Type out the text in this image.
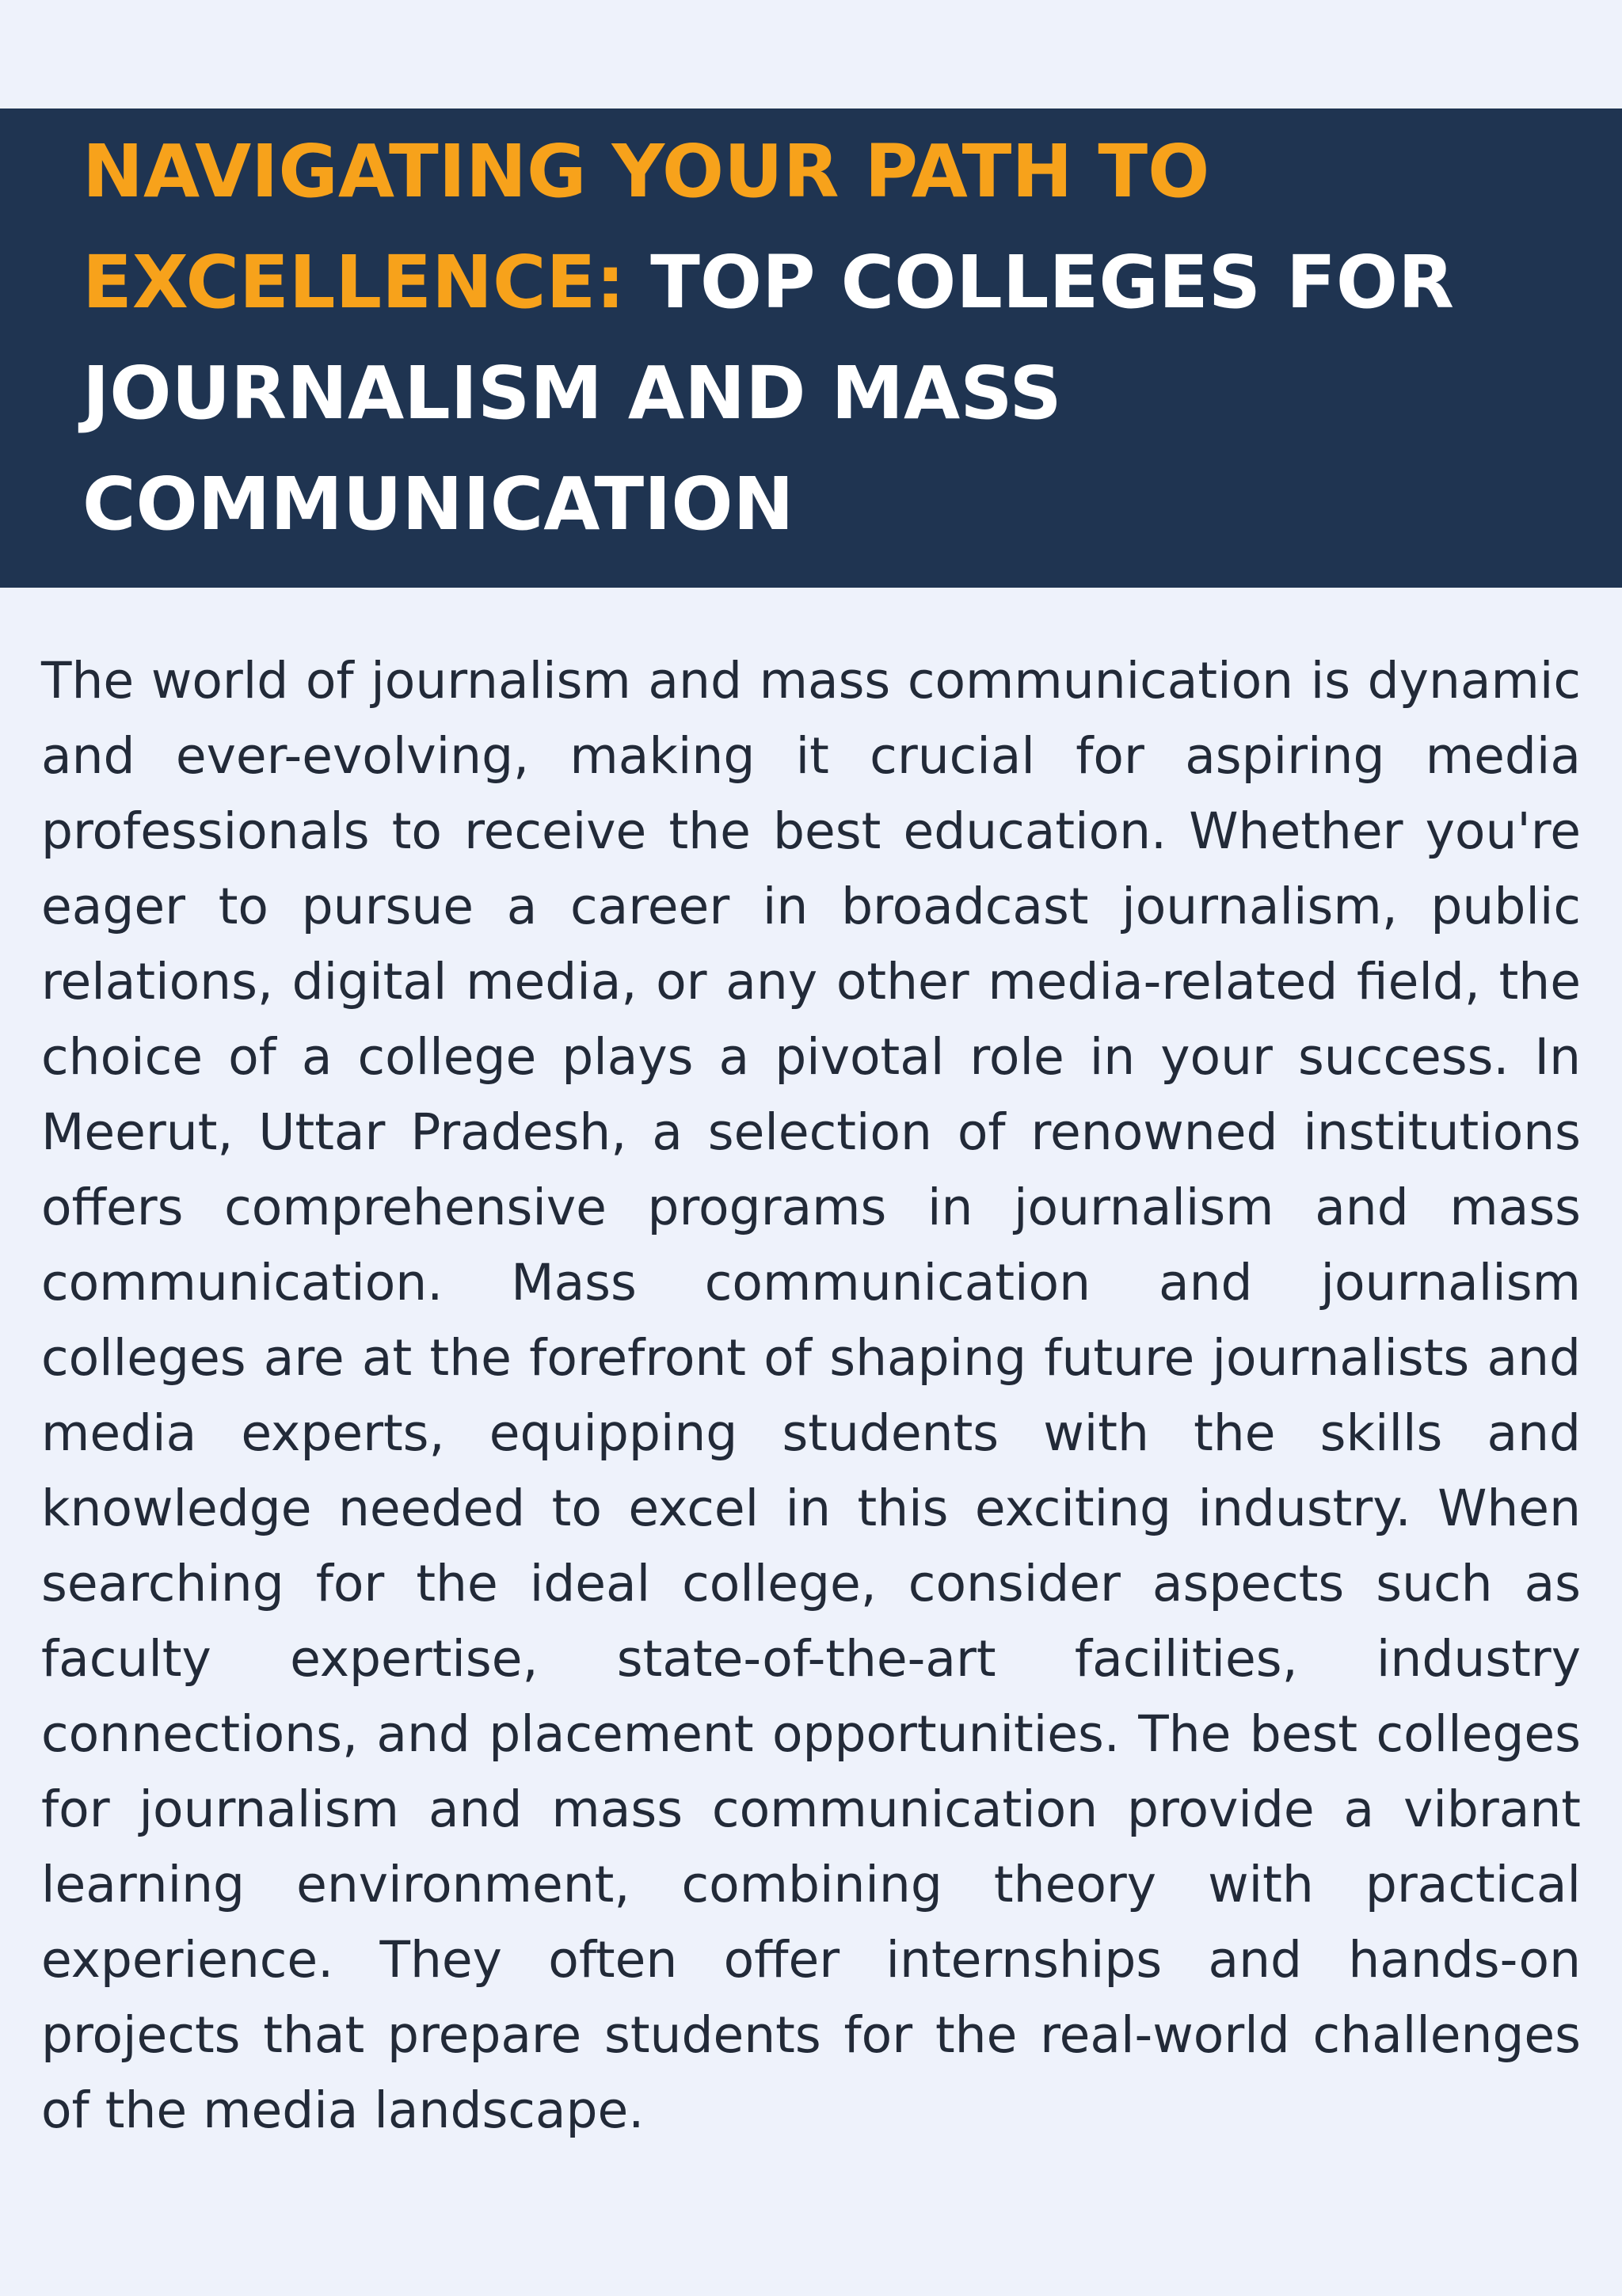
NAVIGATING YOUR PATH TO EXCELLENCE: TOP COLLEGES FOR JOURNALISM AND MASS COMMUNICATION

The world of journalism and mass communication is dynamic and ever-evolving, making it crucial for aspiring media professionals to receive the best education. Whether you're eager to pursue a career in broadcast journalism, public relations, digital media, or any other media-related field, the choice of a college plays a pivotal role in your success. In Meerut, Uttar Pradesh, a selection of renowned institutions offers comprehensive programs in journalism and mass communication. Mass communication and journalism colleges are at the forefront of shaping future journalists and media experts, equipping students with the skills and knowledge needed to excel in this exciting industry. When searching for the ideal college, consider aspects such as faculty expertise, state-of-the-art facilities, industry connections, and placement opportunities. The best colleges for journalism and mass communication provide a vibrant learning environment, combining theory with practical experience. They often offer internships and hands-on projects that prepare students for the real-world challenges of the media landscape.
